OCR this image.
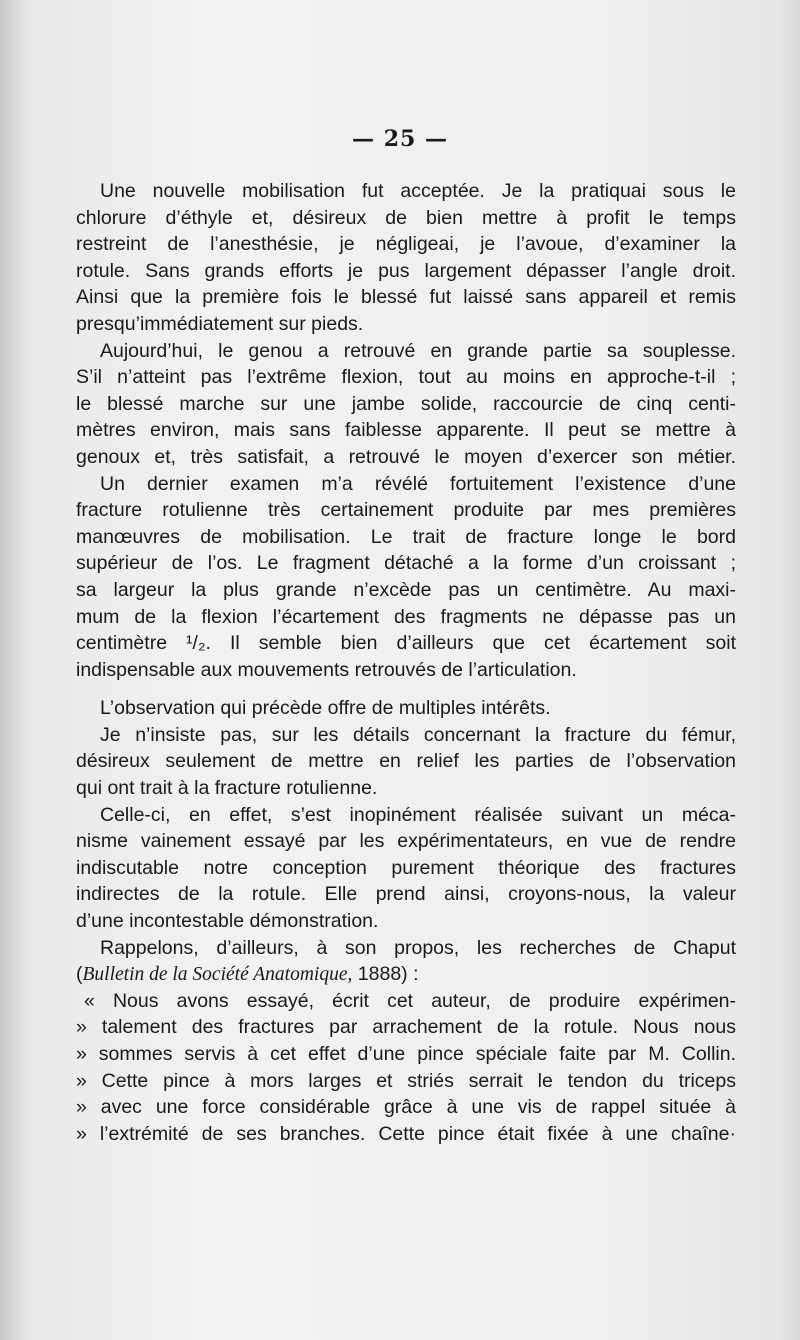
— 25 —
Une nouvelle mobilisation fut acceptée. Je la pratiquai sous le
chlorure d’éthyle et, désireux de bien mettre à profit le temps
restreint de l’anesthésie, je négligeai, je l’avoue, d’examiner la
rotule. Sans grands efforts je pus largement dépasser l’angle droit.
Ainsi que la première fois le blessé fut laissé sans appareil et remis
presqu’immédiatement sur pieds.
Aujourd’hui, le genou a retrouvé en grande partie sa souplesse.
S’il n’atteint pas l’extrême flexion, tout au moins en approche-t-il ;
le blessé marche sur une jambe solide, raccourcie de cinq centi-
mètres environ, mais sans faiblesse apparente. Il peut se mettre à
genoux et, très satisfait, a retrouvé le moyen d’exercer son métier.
Un dernier examen m’a révélé fortuitement l’existence d’une
fracture rotulienne très certainement produite par mes premières
manœuvres de mobilisation. Le trait de fracture longe le bord
supérieur de l’os. Le fragment détaché a la forme d’un croissant ;
sa largeur la plus grande n’excède pas un centimètre. Au maxi-
mum de la flexion l’écartement des fragments ne dépasse pas un
centimètre ¹/₂. Il semble bien d’ailleurs que cet écartement soit
indispensable aux mouvements retrouvés de l’articulation.
L’observation qui précède offre de multiples intérêts.
Je n’insiste pas, sur les détails concernant la fracture du fémur,
désireux seulement de mettre en relief les parties de l’observation
qui ont trait à la fracture rotulienne.
Celle-ci, en effet, s’est inopinément réalisée suivant un méca-
nisme vainement essayé par les expérimentateurs, en vue de rendre
indiscutable notre conception purement théorique des fractures
indirectes de la rotule. Elle prend ainsi, croyons-nous, la valeur
d’une incontestable démonstration.
Rappelons, d’ailleurs, à son propos, les recherches de Chaput
(Bulletin de la Société Anatomique, 1888) :
« Nous avons essayé, écrit cet auteur, de produire expérimen-
» talement des fractures par arrachement de la rotule. Nous nous
» sommes servis à cet effet d’une pince spéciale faite par M. Collin.
» Cette pince à mors larges et striés serrait le tendon du triceps
» avec une force considérable grâce à une vis de rappel située à
» l’extrémité de ses branches. Cette pince était fixée à une chaîne·
